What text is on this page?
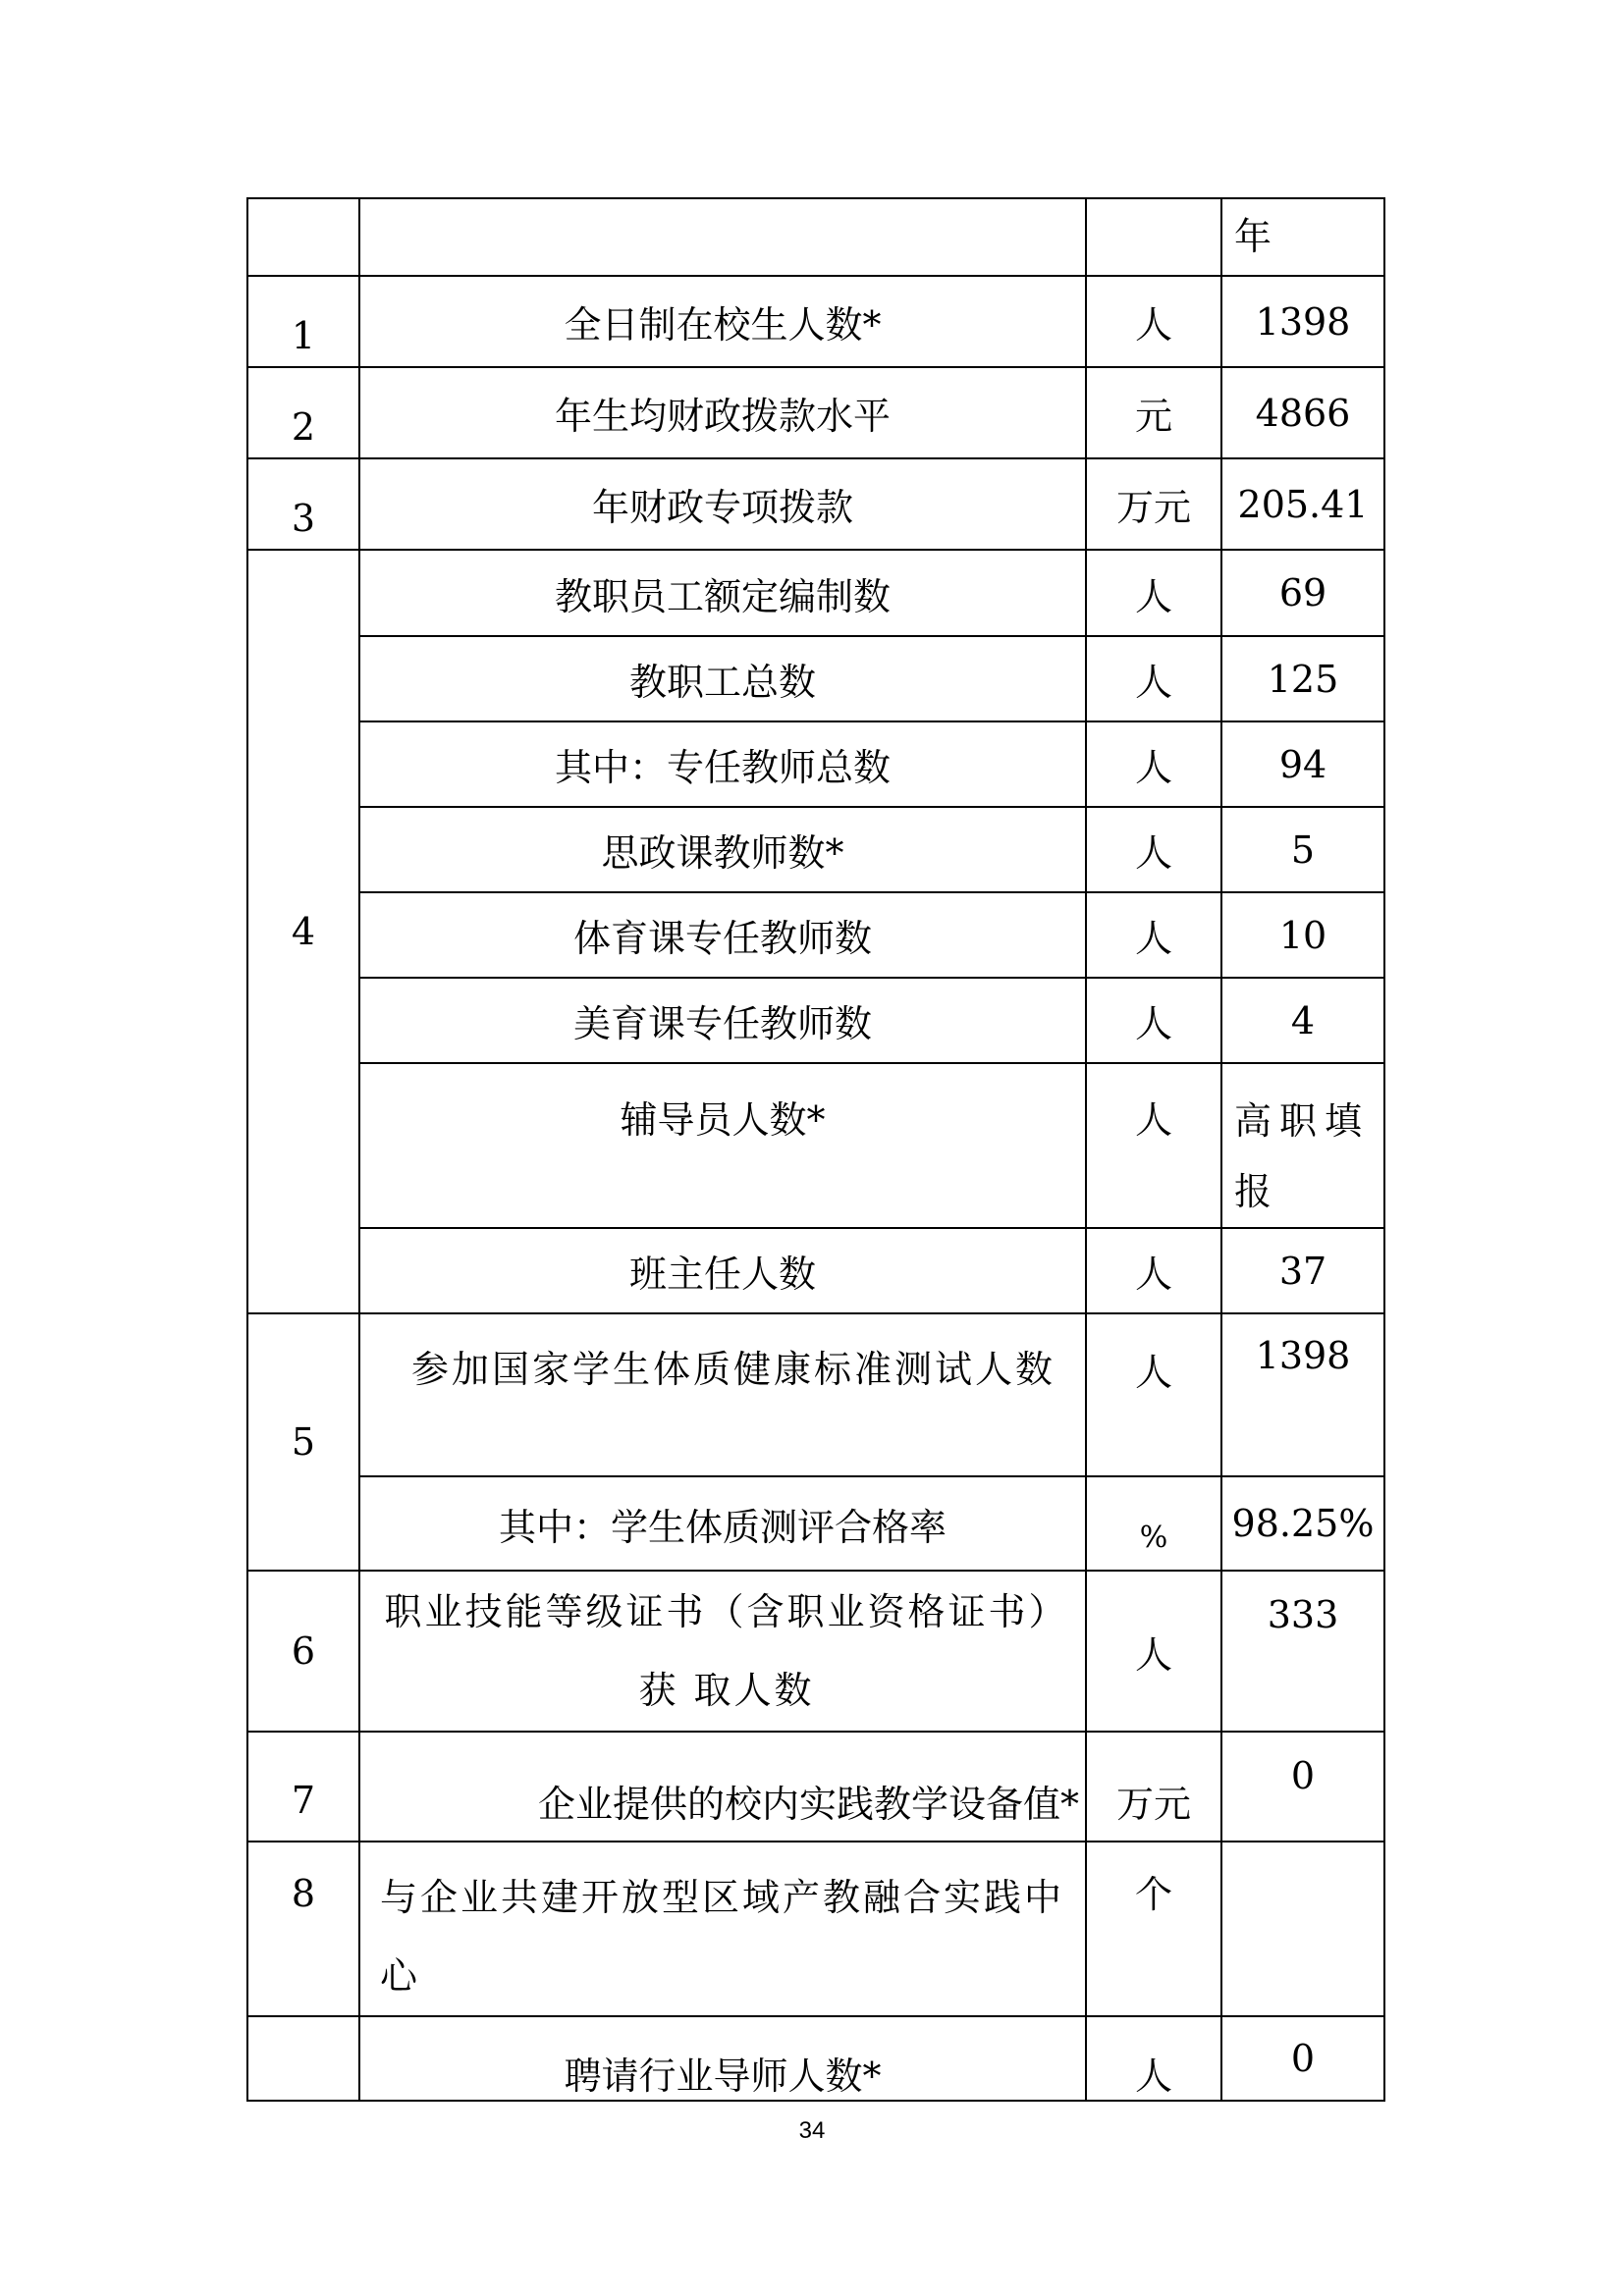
			年
1	全日制在校生人数*	人	1398
2	年生均财政拨款水平	元	4866
3	年财政专项拨款	万元	205.41
4	教职员工额定编制数	人	69
	教职工总数	人	125
	其中：专任教师总数	人	94
	思政课教师数*	人	5
	体育课专任教师数	人	10
	美育课专任教师数	人	4
	辅导员人数*	人	高职填报
	班主任人数	人	37
5	参加国家学生体质健康标准测试人数	人	1398
	其中：学生体质测评合格率	%	98.25%
6	职业技能等级证书（含职业资格证书）获 取人数	人	333
7	企业提供的校内实践教学设备值*	万元	0
8	与企业共建开放型区域产教融合实践中心	个	
	聘请行业导师人数*	人	0
34
